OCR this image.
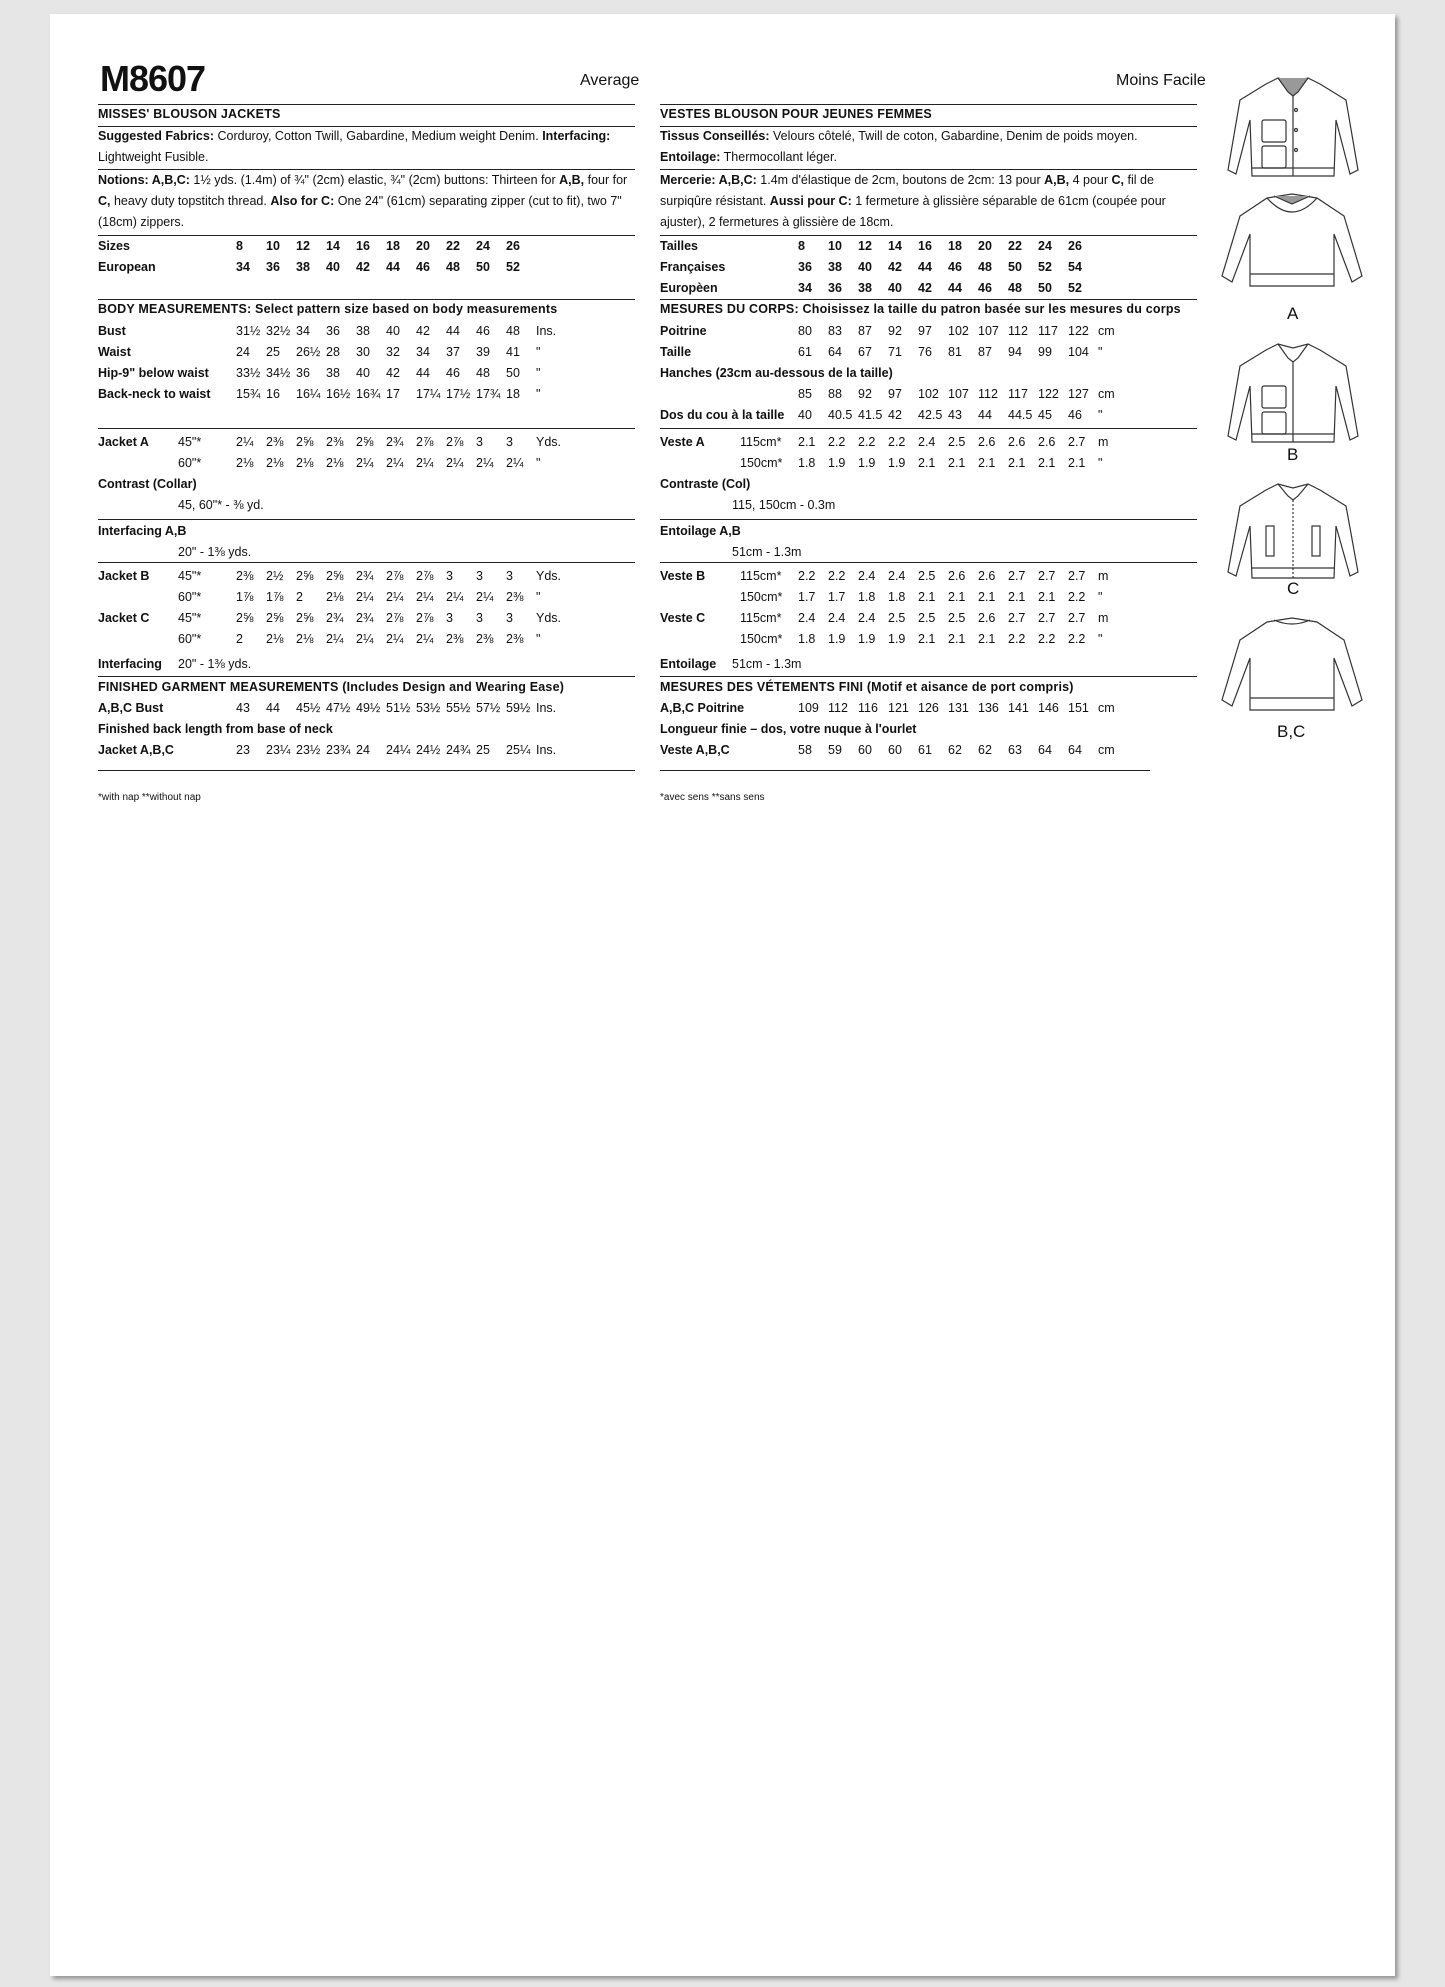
M8607	Average	Moins Facile
MISSES' BLOUSON JACKETS
Suggested Fabrics: Corduroy, Cotton Twill, Gabardine, Medium weight Denim. Interfacing: Lightweight Fusible.
Notions: A,B,C: 1½ yds. (1.4m) of ¾" (2cm) elastic, ¾" (2cm) buttons: Thirteen for A,B, four for C, heavy duty topstitch thread. Also for C: One 24" (61cm) separating zipper (cut to fit), two 7" (18cm) zippers.
Sizes	8	10	12	14	16	18	20	22	24	26
European	34	36	38	40	42	44	46	48	50	52
BODY MEASUREMENTS: Select pattern size based on body measurements
Bust	31½	32½	34	36	38	40	42	44	46	48	Ins.
Waist	24	25	26½	28	30	32	34	37	39	41	"
Hip-9" below waist	33½	34½	36	38	40	42	44	46	48	50	"
Back-neck to waist	15¾	16	16¼	16½	16¾	17	17¼	17½	17¾	18	"
Jacket A	45"*	2¼	2⅜	2⅝	2⅜	2⅝	2¾	2⅞	2⅞	3	3	Yds.
	60"*	2⅛	2⅛	2⅛	2⅛	2¼	2¼	2¼	2¼	2¼	2¼	"
Contrast (Collar)
45, 60"* - ⅜ yd.
Interfacing A,B
20" - 1⅜ yds.
Jacket B	45"*	2⅜	2½	2⅝	2⅝	2¾	2⅞	2⅞	3	3	3	Yds.
	60"*	1⅞	1⅞	2	2⅛	2¼	2¼	2¼	2¼	2¼	2⅜	"
Jacket C	45"*	2⅝	2⅝	2⅝	2¾	2¾	2⅞	2⅞	3	3	3	Yds.
	60"*	2	2⅛	2⅛	2¼	2¼	2¼	2¼	2⅜	2⅜	2⅜	"
Interfacing 20" - 1⅜ yds.
FINISHED GARMENT MEASUREMENTS (Includes Design and Wearing Ease)
A,B,C Bust	43	44	45½	47½	49½	51½	53½	55½	57½	59½	Ins.
Finished back length from base of neck
Jacket A,B,C	23	23¼	23½	23¾	24	24¼	24½	24¾	25	25¼	Ins.
*with nap **without nap
VESTES BLOUSON POUR JEUNES FEMMES
Tissus Conseillés: Velours côtelé, Twill de coton, Gabardine, Denim de poids moyen. Entoilage: Thermocollant léger.
Mercerie: A,B,C: 1.4m d'élastique de 2cm, boutons de 2cm: 13 pour A,B, 4 pour C, fil de surpiqûre résistant. Aussi pour C: 1 fermeture à glissière séparable de 61cm (coupée pour ajuster), 2 fermetures à glissière de 18cm.
Tailles	8	10	12	14	16	18	20	22	24	26
Françaises	36	38	40	42	44	46	48	50	52	54
Europèen	34	36	38	40	42	44	46	48	50	52
MESURES DU CORPS: Choisissez la taille du patron basée sur les mesures du corps
Poitrine	80	83	87	92	97	102	107	112	117	122	cm
Taille	61	64	67	71	76	81	87	94	99	104	"
Hanches (23cm au-dessous de la taille)
	85	88	92	97	102	107	112	117	122	127	cm
Dos du cou à la taille	40	40.5	41.5	42	42.5	43	44	44.5	45	46	"
Veste A	115cm*	2.1	2.2	2.2	2.2	2.4	2.5	2.6	2.6	2.6	2.7	m
	150cm*	1.8	1.9	1.9	1.9	2.1	2.1	2.1	2.1	2.1	2.1	"
Contraste (Col)
115, 150cm - 0.3m
Entoilage A,B
51cm - 1.3m
Veste B	115cm*	2.2	2.2	2.4	2.4	2.5	2.6	2.6	2.7	2.7	2.7	m
	150cm*	1.7	1.7	1.8	1.8	2.1	2.1	2.1	2.1	2.1	2.2	"
Veste C	115cm*	2.4	2.4	2.4	2.5	2.5	2.5	2.6	2.7	2.7	2.7	m
	150cm*	1.8	1.9	1.9	1.9	2.1	2.1	2.1	2.2	2.2	2.2	"
Entoilage 51cm - 1.3m
MESURES DES VÉTEMENTS FINI (Motif et aisance de port compris)
A,B,C Poitrine	109	112	116	121	126	131	136	141	146	151	cm
Longueur finie – dos, votre nuque à l'ourlet
Veste A,B,C	58	59	60	60	61	62	62	63	64	64	cm
*avec sens **sans sens
A
B
C
B,C
